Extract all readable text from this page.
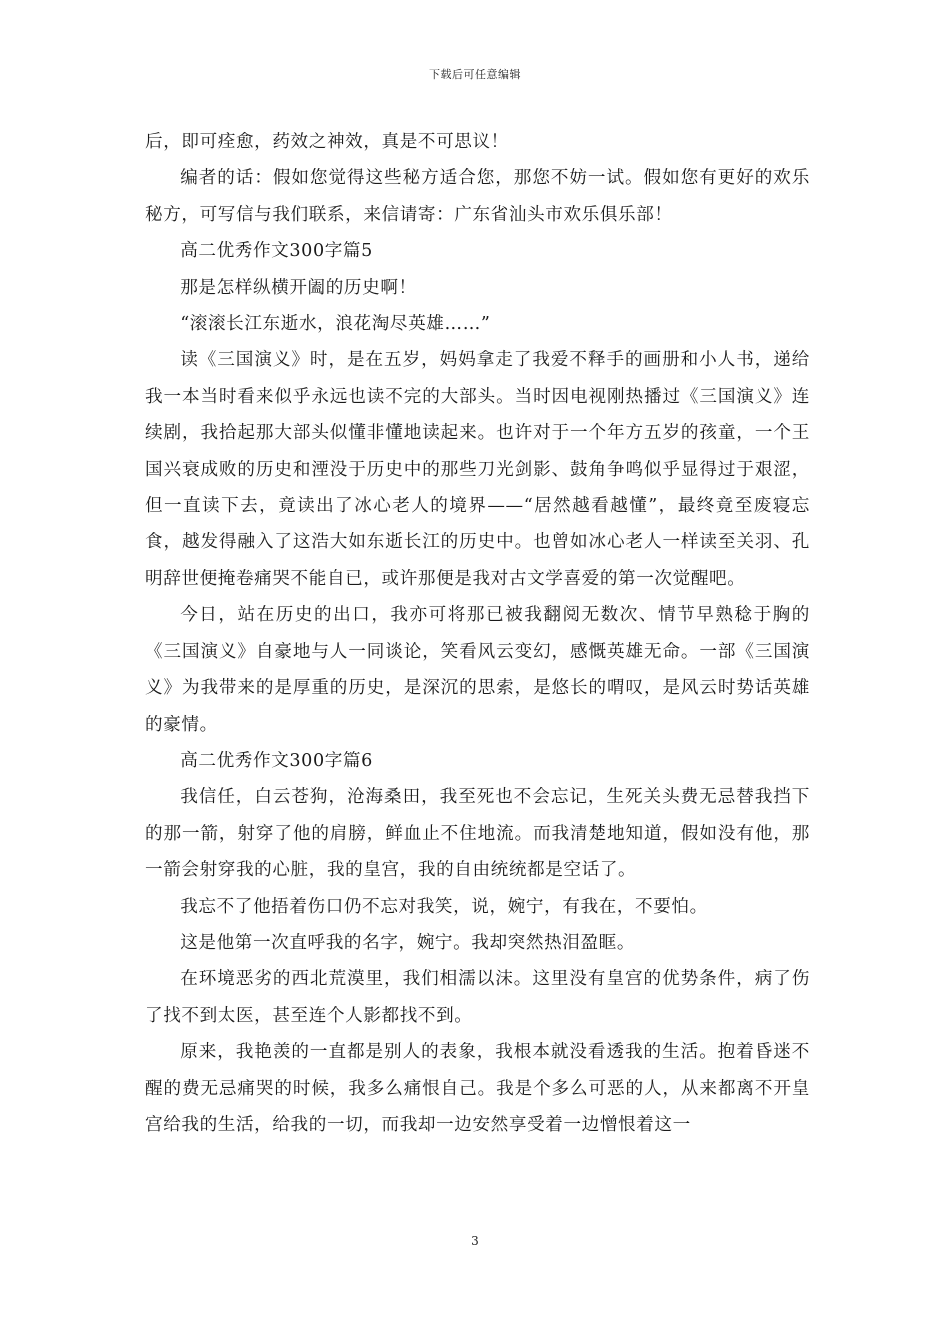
下载后可任意编辑

后，即可痊愈，药效之神效，真是不可思议！

编者的话：假如您觉得这些秘方适合您，那您不妨一试。假如您有更好的欢乐秘方，可写信与我们联系，来信请寄：广东省汕头市欢乐俱乐部！

高二优秀作文300字篇5

那是怎样纵横开阖的历史啊！

“滚滚长江东逝水，浪花淘尽英雄……”

读《三国演义》时，是在五岁，妈妈拿走了我爱不释手的画册和小人书，递给我一本当时看来似乎永远也读不完的大部头。当时因电视刚热播过《三国演义》连续剧，我拾起那大部头似懂非懂地读起来。也许对于一个年方五岁的孩童，一个王国兴衰成败的历史和湮没于历史中的那些刀光剑影、鼓角争鸣似乎显得过于艰涩，但一直读下去，竟读出了冰心老人的境界——“居然越看越懂”，最终竟至废寝忘食，越发得融入了这浩大如东逝长江的历史中。也曾如冰心老人一样读至关羽、孔明辞世便掩卷痛哭不能自已，或许那便是我对古文学喜爱的第一次觉醒吧。

今日，站在历史的出口，我亦可将那已被我翻阅无数次、情节早熟稔于胸的《三国演义》自豪地与人一同谈论，笑看风云变幻，感慨英雄无命。一部《三国演义》为我带来的是厚重的历史，是深沉的思索，是悠长的喟叹，是风云时势话英雄的豪情。

高二优秀作文300字篇6

我信任，白云苍狗，沧海桑田，我至死也不会忘记，生死关头费无忌替我挡下的那一箭，射穿了他的肩膀，鲜血止不住地流。而我清楚地知道，假如没有他，那一箭会射穿我的心脏，我的皇宫，我的自由统统都是空话了。

我忘不了他捂着伤口仍不忘对我笑，说，婉宁，有我在，不要怕。

这是他第一次直呼我的名字，婉宁。我却突然热泪盈眶。

在环境恶劣的西北荒漠里，我们相濡以沫。这里没有皇宫的优势条件，病了伤了找不到太医，甚至连个人影都找不到。

原来，我艳羡的一直都是别人的表象，我根本就没看透我的生活。抱着昏迷不醒的费无忌痛哭的时候，我多么痛恨自己。我是个多么可恶的人，从来都离不开皇宫给我的生活，给我的一切，而我却一边安然享受着一边憎恨着这一

3
